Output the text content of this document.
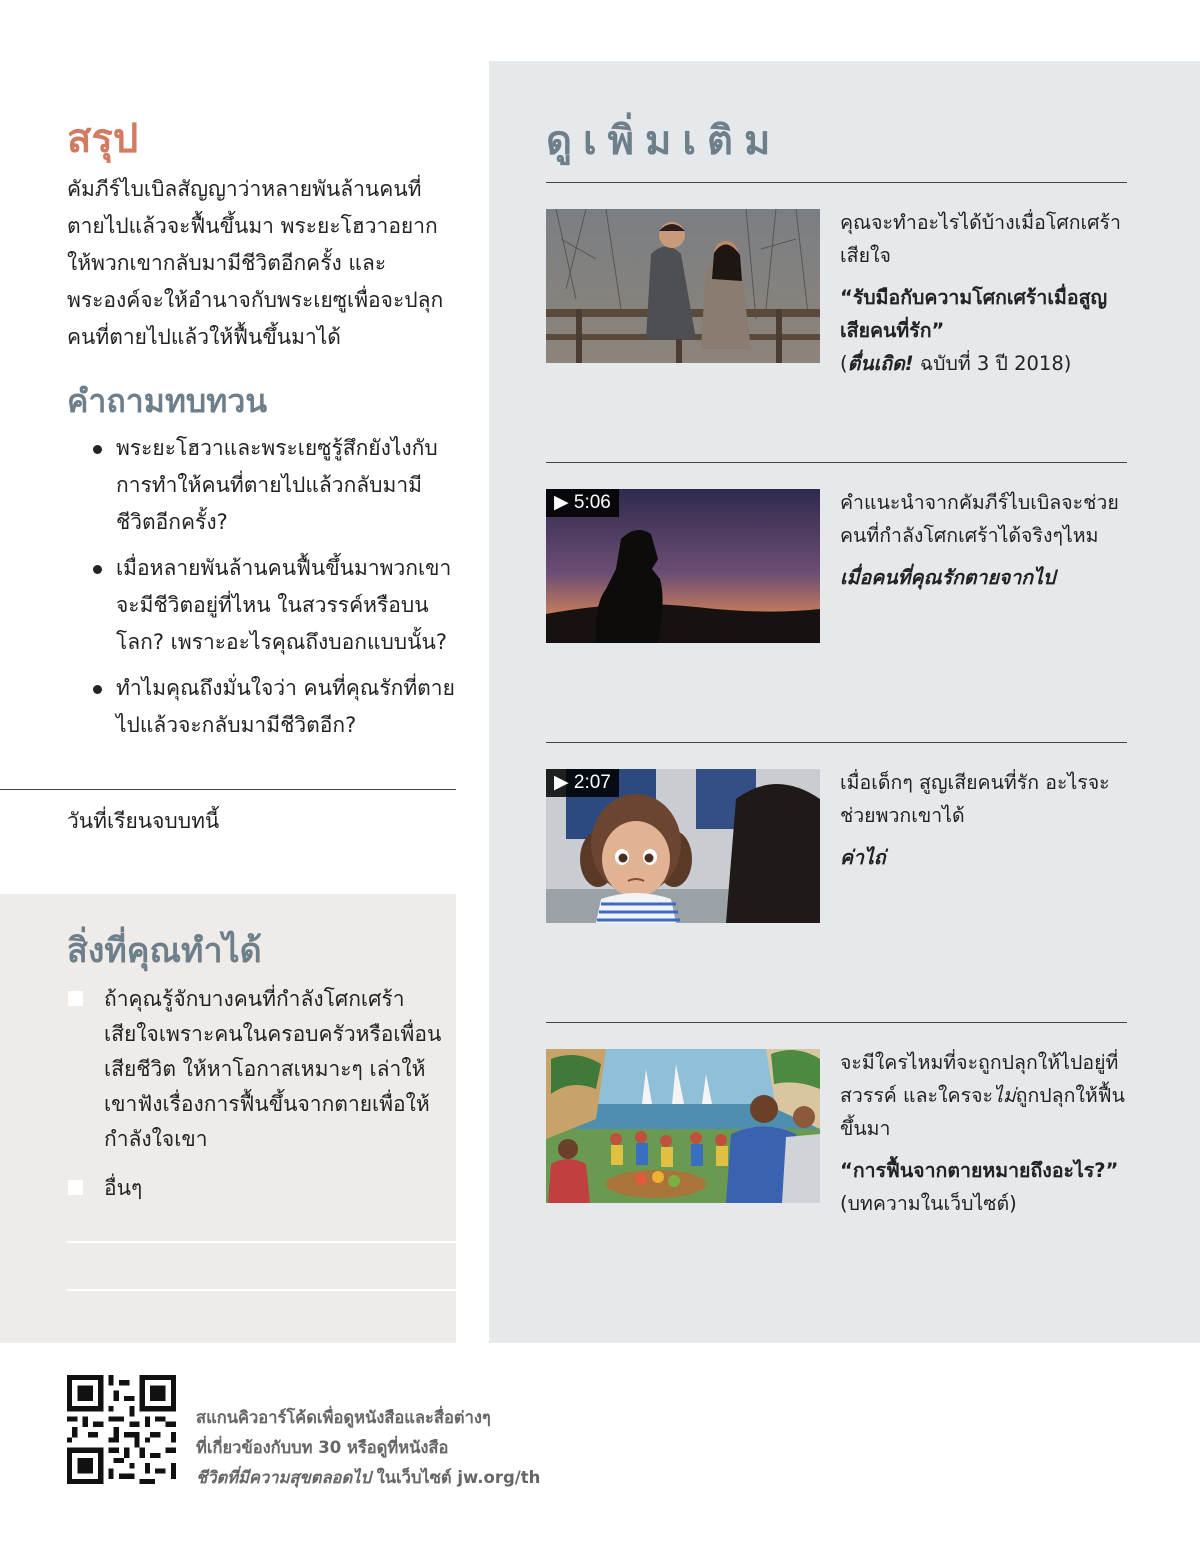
ดูเพิ่มเติม
คุณจะทำอะไรได้บ้างเมื่อโศกเศร้าเสียใจ
“รับมือกับความโศกเศร้าเมื่อสูญเสียคนที่รัก”
(ตื่นเถิด! ฉบับที่ 3 ปี 2018)
▶ 5:06	คำแนะนำจากคัมภีร์ไบเบิลจะช่วยคนที่กำลังโศกเศร้าได้จริงๆไหม
เมื่อคนที่คุณรักตายจากไป
▶ 2:07	เมื่อเด็กๆ สูญเสียคนที่รัก อะไรจะช่วยพวกเขาได้
ค่าไถ่
จะมีใครไหมที่จะถูกปลุกให้ไปอยู่ที่สวรรค์ และใครจะไม่ถูกปลุกให้ฟื้นขึ้นมา
“การฟื้นจากตายหมายถึงอะไร?”
(บทความในเว็บไซต์)
สรุป
คัมภีร์ไบเบิลสัญญาว่าหลายพันล้านคนที่ตายไปแล้วจะฟื้นขึ้นมา พระยะโฮวาอยากให้พวกเขากลับมามีชีวิตอีกครั้ง และพระองค์จะให้อำนาจกับพระเยซูเพื่อจะปลุกคนที่ตายไปแล้วให้ฟื้นขึ้นมาได้
คำถามทบทวน
พระยะโฮวาและพระเยซูรู้สึกยังไงกับการทำให้คนที่ตายไปแล้วกลับมามีชีวิตอีกครั้ง?
เมื่อหลายพันล้านคนฟื้นขึ้นมาพวกเขาจะมีชีวิตอยู่ที่ไหน ในสวรรค์หรือบนโลก? เพราะอะไรคุณถึงบอกแบบนั้น?
ทำไมคุณถึงมั่นใจว่า คนที่คุณรักที่ตายไปแล้วจะกลับมามีชีวิตอีก?
วันที่เรียนจบบทนี้
สิ่งที่คุณทำได้
ถ้าคุณรู้จักบางคนที่กำลังโศกเศร้าเสียใจเพราะคนในครอบครัวหรือเพื่อนเสียชีวิต ให้หาโอกาสเหมาะๆ เล่าให้เขาฟังเรื่องการฟื้นขึ้นจากตายเพื่อให้กำลังใจเขา
อื่นๆ
สแกนคิวอาร์โค้ดเพื่อดูหนังสือและสื่อต่างๆ
ที่เกี่ยวข้องกับบท 30 หรือดูที่หนังสือ
ชีวิตที่มีความสุขตลอดไป ในเว็บไซต์ jw.org/th
